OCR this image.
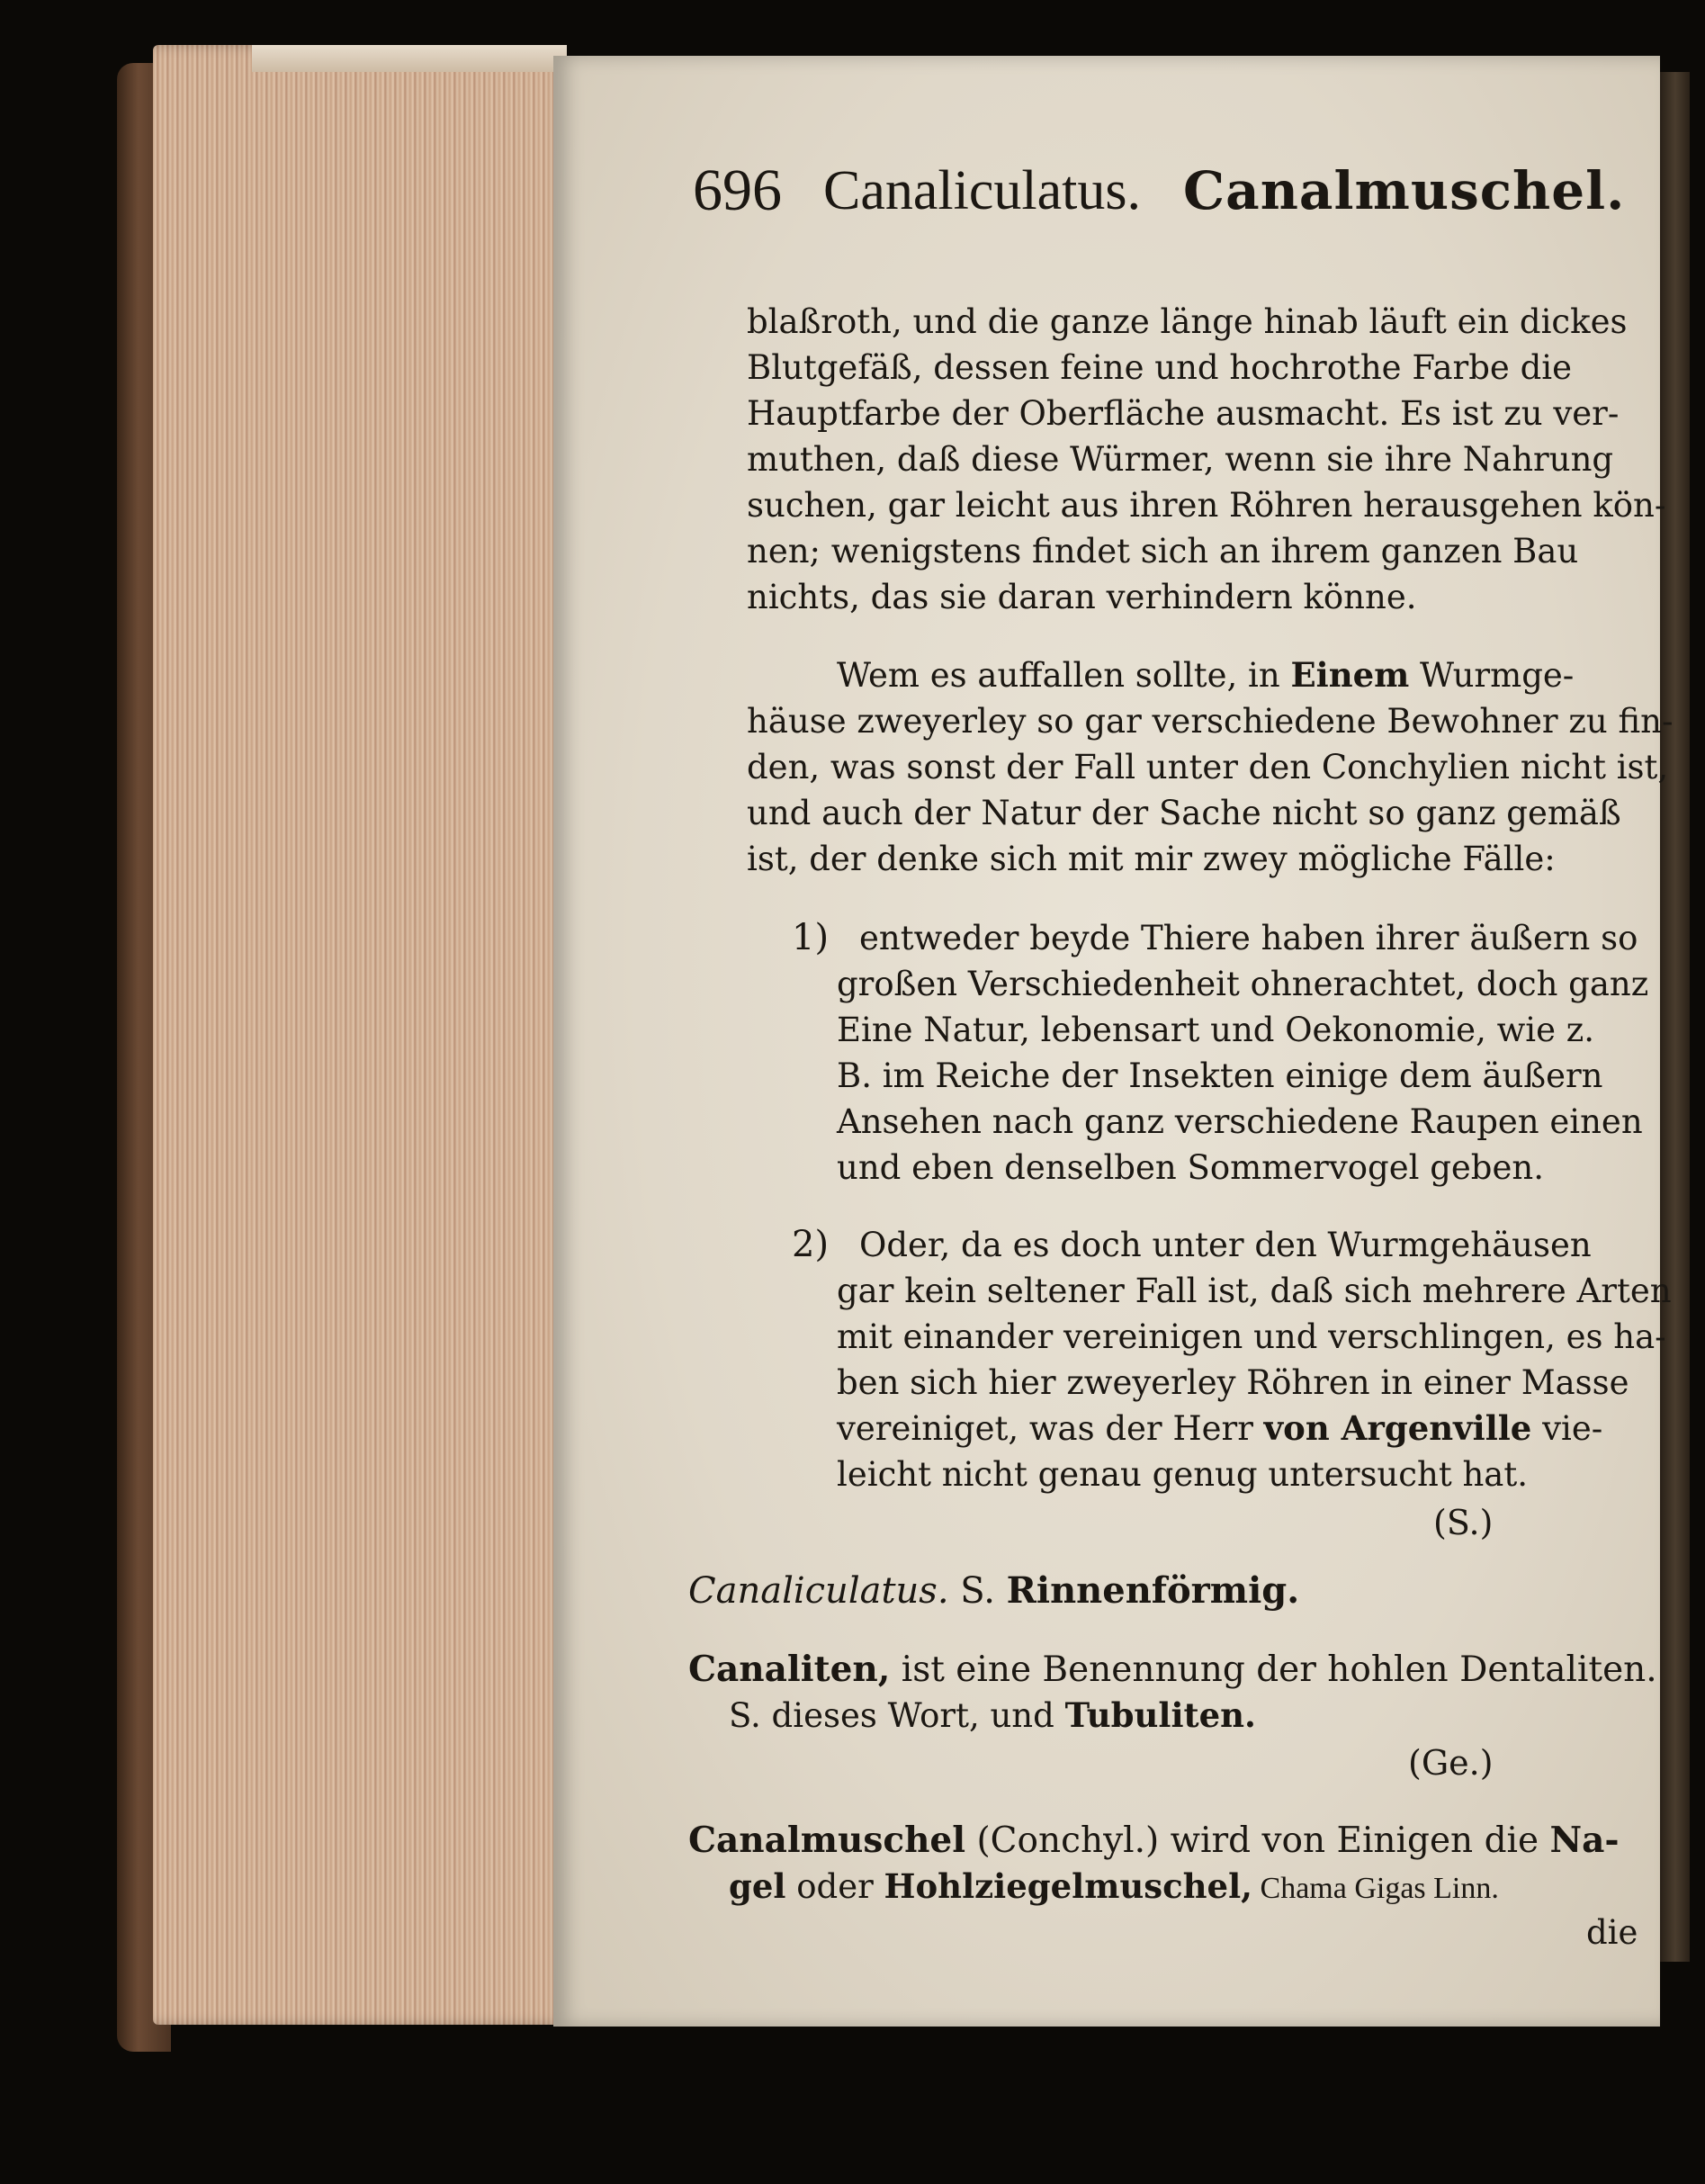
696 Canaliculatus. Canalmuschel.
blaßroth, und die ganze länge hinab läuft ein dickes
Blutgefäß, dessen feine und hochrothe Farbe die
Hauptfarbe der Oberfläche ausmacht. Es ist zu ver-
muthen, daß diese Würmer, wenn sie ihre Nahrung
suchen, gar leicht aus ihren Röhren herausgehen kön-
nen; wenigstens findet sich an ihrem ganzen Bau
nichts, das sie daran verhindern könne.
Wem es auffallen sollte, in Einem Wurmge-
häuse zweyerley so gar verschiedene Bewohner zu fin-
den, was sonst der Fall unter den Conchylien nicht ist,
und auch der Natur der Sache nicht so ganz gemäß
ist, der denke sich mit mir zwey mögliche Fälle:
1) entweder beyde Thiere haben ihrer äußern so
großen Verschiedenheit ohnerachtet, doch ganz
Eine Natur, lebensart und Oekonomie, wie z.
B. im Reiche der Insekten einige dem äußern
Ansehen nach ganz verschiedene Raupen einen
und eben denselben Sommervogel geben.
2) Oder, da es doch unter den Wurmgehäusen
gar kein seltener Fall ist, daß sich mehrere Arten
mit einander vereinigen und verschlingen, es ha-
ben sich hier zweyerley Röhren in einer Masse
vereiniget, was der Herr von Argenville vie-
leicht nicht genau genug untersucht hat.
(S.)
Canaliculatus. S. Rinnenförmig.
Canaliten, ist eine Benennung der hohlen Dentaliten.
S. dieses Wort, und Tubuliten.
(Ge.)
Canalmuschel (Conchyl.) wird von Einigen die Na-
gel oder Hohlziegelmuschel, Chama Gigas Linn.
die
